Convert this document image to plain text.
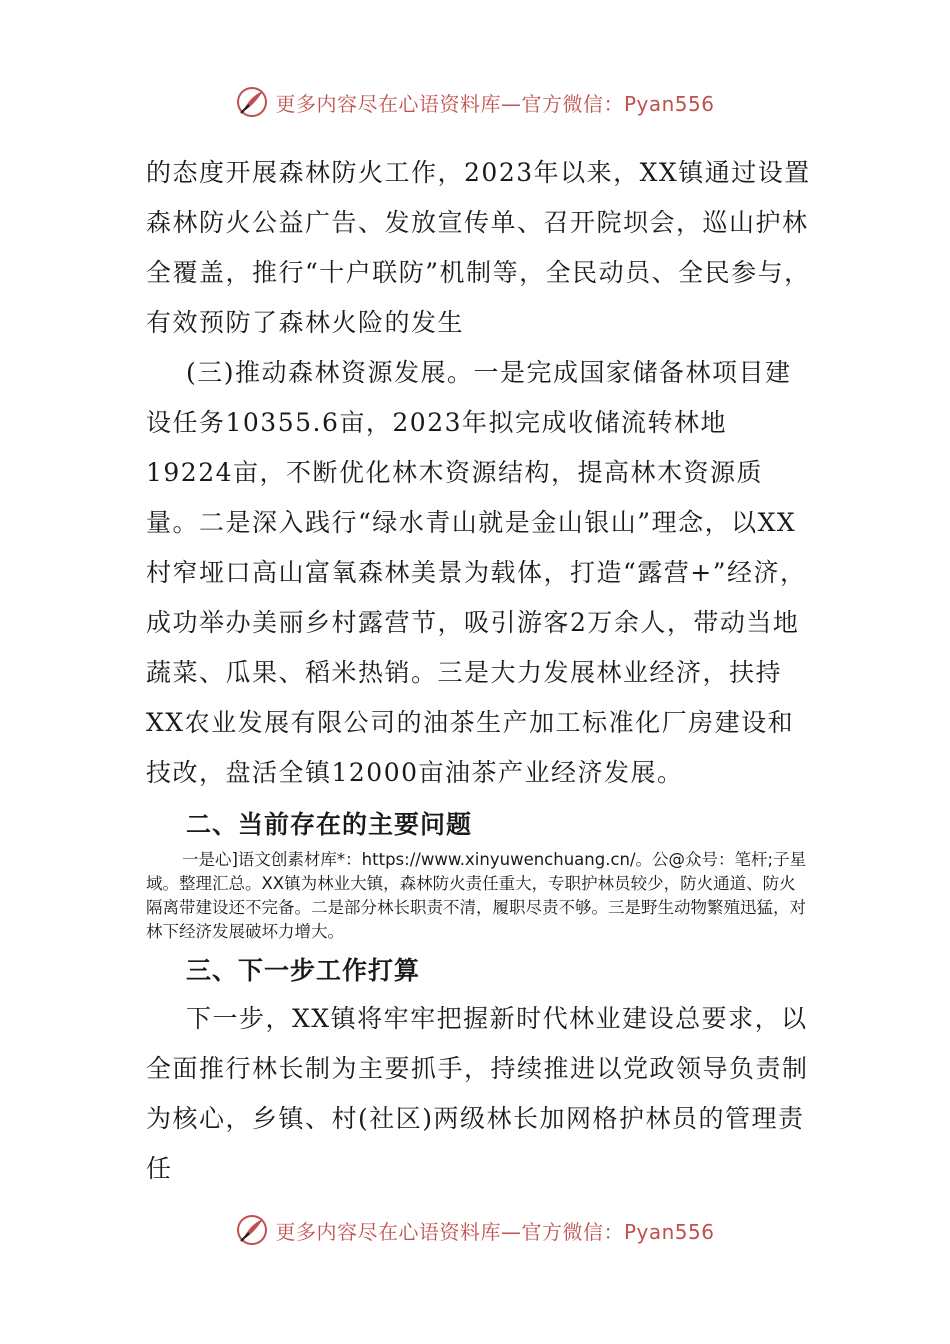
更多内容尽在心语资料库—官方微信：Pyan556

的态度开展森林防火工作，2023年以来，XX镇通过设置森林防火公益广告、发放宣传单、召开院坝会，巡山护林全覆盖，推行“十户联防”机制等，全民动员、全民参与，有效预防了森林火险的发生

(三)推动森林资源发展。一是完成国家储备林项目建设任务10355.6亩，2023年拟完成收储流转林地19224亩，不断优化林木资源结构，提高林木资源质量。二是深入践行“绿水青山就是金山银山”理念，以XX村窄垭口高山富氧森林美景为载体，打造“露营+”经济，成功举办美丽乡村露营节，吸引游客2万余人，带动当地蔬菜、瓜果、稻米热销。三是大力发展林业经济，扶持XX农业发展有限公司的油茶生产加工标准化厂房建设和技改，盘活全镇12000亩油茶产业经济发展。

二、当前存在的主要问题

一是心]语文创素材库*：https://www.xinyuwenchuang.cn/。公@众号：笔杆;子星域。整理汇总。XX镇为林业大镇，森林防火责任重大，专职护林员较少，防火通道、防火隔离带建设还不完备。二是部分林长职责不清，履职尽责不够。三是野生动物繁殖迅猛，对林下经济发展破坏力增大。

三、下一步工作打算

下一步，XX镇将牢牢把握新时代林业建设总要求，以全面推行林长制为主要抓手，持续推进以党政领导负责制为核心，乡镇、村(社区)两级林长加网格护林员的管理责任

更多内容尽在心语资料库—官方微信：Pyan556
